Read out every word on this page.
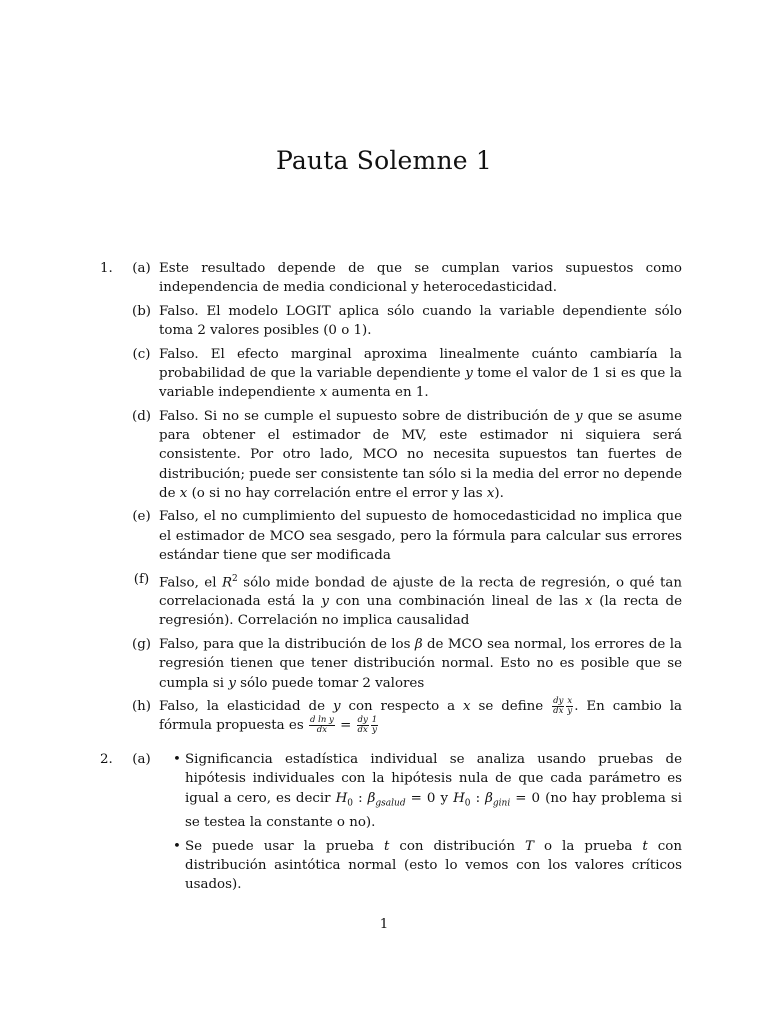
Pauta Solemne 1
1.	(a) Este resultado depende de que se cumplan varios supuestos como independencia de media condicional y heterocedasticidad.
(b) Falso. El modelo LOGIT aplica sólo cuando la variable dependiente sólo toma 2 valores posibles (0 o 1).
(c) Falso. El efecto marginal aproxima linealmente cuánto cambiaría la probabilidad de que la variable dependiente y tome el valor de 1 si es que la variable independiente x aumenta en 1.
(d) Falso. Si no se cumple el supuesto sobre de distribución de y que se asume para obtener el estimador de MV, este estimador ni siquiera será consistente. Por otro lado, MCO no necesita supuestos tan fuertes de distribución; puede ser consistente tan sólo si la media del error no depende de x (o si no hay correlación entre el error y las x).
(e) Falso, el no cumplimiento del supuesto de homocedasticidad no implica que el estimador de MCO sea sesgado, pero la fórmula para calcular sus errores estándar tiene que ser modificada
(f) Falso, el $R^2$ sólo mide bondad de ajuste de la recta de regresión, o qué tan correlacionada está la y con una combinación lineal de las x (la recta de regresión). Correlación no implica causalidad
(g) Falso, para que la distribución de los β de MCO sea normal, los errores de la regresión tienen que tener distribución normal. Esto no es posible que se cumpla si y sólo puede tomar 2 valores
(h) Falso, la elasticidad de y con respecto a x se define $\frac{dy}{dx} \frac{x}{y}$ . En cambio la fórmula propuesta es $\frac{\text{d ln y}}{dx} = \frac{dy}{dx} \frac{1}{y}$
2.	(a)	• Significancia estadística individual se analiza usando pruebas de hipótesis individuales con la hipótesis nula de que cada parámetro es igual a cero, es decir $H_0$ : $\beta_{gsalud} = 0$ y $H_0$ : $\beta_{gini} = 0$ (no hay problema si se testea la constante o no).
• Se puede usar la prueba t con distribución T o la prueba t con distribución asintótica normal (esto lo vemos con los valores críticos usados).
1
